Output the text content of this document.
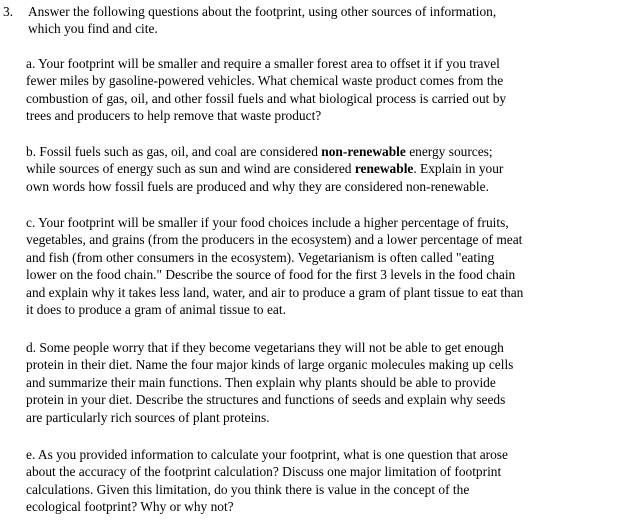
3. Answer the following questions about the footprint, using other sources of information,
which you find and cite.
a. Your footprint will be smaller and require a smaller forest area to offset it if you travel
fewer miles by gasoline-powered vehicles. What chemical waste product comes from the
combustion of gas, oil, and other fossil fuels and what biological process is carried out by
trees and producers to help remove that waste product?
b. Fossil fuels such as gas, oil, and coal are considered non-renewable energy sources;
while sources of energy such as sun and wind are considered renewable. Explain in your
own words how fossil fuels are produced and why they are considered non-renewable.
c. Your footprint will be smaller if your food choices include a higher percentage of fruits,
vegetables, and grains (from the producers in the ecosystem) and a lower percentage of meat
and fish (from other consumers in the ecosystem). Vegetarianism is often called "eating
lower on the food chain." Describe the source of food for the first 3 levels in the food chain
and explain why it takes less land, water, and air to produce a gram of plant tissue to eat than
it does to produce a gram of animal tissue to eat.
d. Some people worry that if they become vegetarians they will not be able to get enough
protein in their diet. Name the four major kinds of large organic molecules making up cells
and summarize their main functions. Then explain why plants should be able to provide
protein in your diet. Describe the structures and functions of seeds and explain why seeds
are particularly rich sources of plant proteins.
e. As you provided information to calculate your footprint, what is one question that arose
about the accuracy of the footprint calculation? Discuss one major limitation of footprint
calculations. Given this limitation, do you think there is value in the concept of the
ecological footprint? Why or why not?
